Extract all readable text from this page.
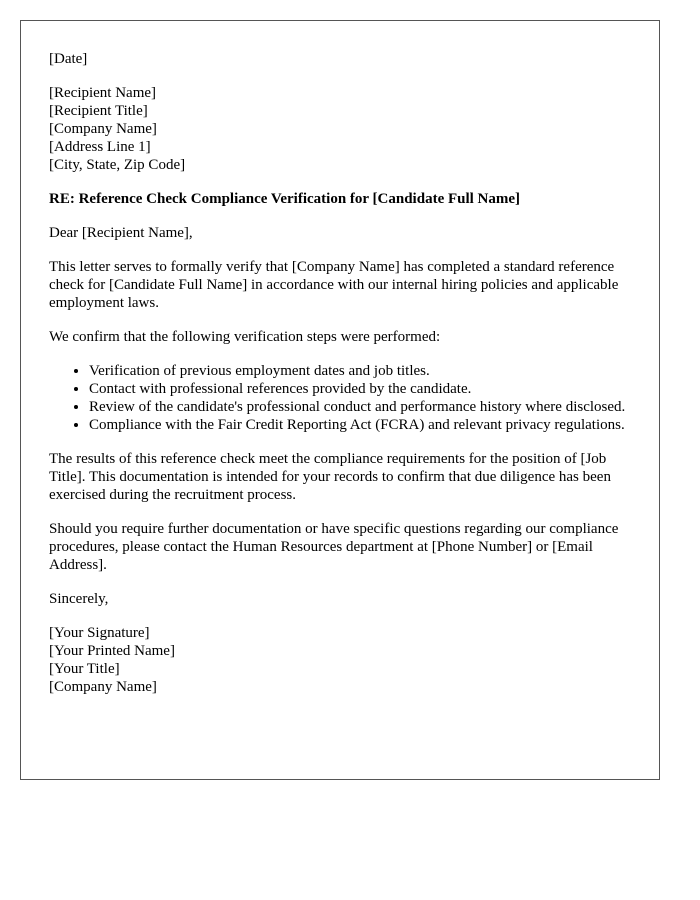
[Date]
[Recipient Name]
[Recipient Title]
[Company Name]
[Address Line 1]
[City, State, Zip Code]
RE: Reference Check Compliance Verification for [Candidate Full Name]
Dear [Recipient Name],

This letter serves to formally verify that [Company Name] has completed a standard reference check for [Candidate Full Name] in accordance with our internal hiring policies and applicable employment laws.

We confirm that the following verification steps were performed:

• Verification of previous employment dates and job titles.
• Contact with professional references provided by the candidate.
• Review of the candidate's professional conduct and performance history where disclosed.
• Compliance with the Fair Credit Reporting Act (FCRA) and relevant privacy regulations.

The results of this reference check meet the compliance requirements for the position of [Job Title]. This documentation is intended for your records to confirm that due diligence has been exercised during the recruitment process.

Should you require further documentation or have specific questions regarding our compliance procedures, please contact the Human Resources department at [Phone Number] or [Email Address].

Sincerely,
[Your Signature]
[Your Printed Name]
[Your Title]
[Company Name]
